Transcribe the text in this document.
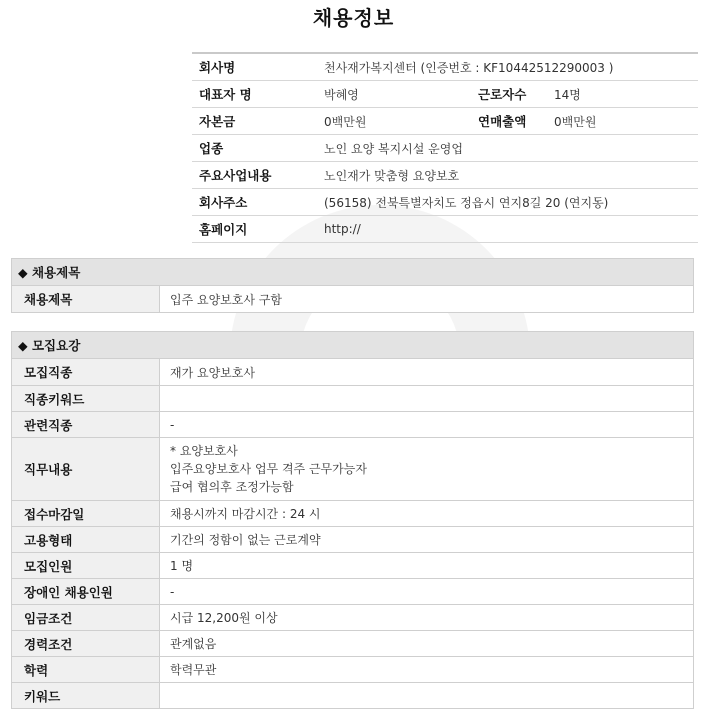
채용정보
회사명	천사재가복지센터 (인증번호 : KF10442512290003 )
대표자 명	박혜영	근로자수	14명
자본금	0백만원	연매출액	0백만원
업종	노인 요양 복지시설 운영업
주요사업내용	노인재가 맞춤형 요양보호
회사주소	(56158) 전북특별자치도 정읍시 연지8길 20 (연지동)
홈페이지	http://
◆ 채용제목
채용제목	입주 요양보호사 구함
◆ 모집요강
모집직종	재가 요양보호사
직종키워드
관련직종	-
직무내용
* 요양보호사
입주요양보호사 업무 격주 근무가능자
급여 협의후 조정가능함
접수마감일	채용시까지 마감시간 : 24 시
고용형태	기간의 정함이 없는 근로계약
모집인원	1 명
장애인 채용인원	-
임금조건	시급 12,200원 이상
경력조건	관계없음
학력	학력무관
키워드
